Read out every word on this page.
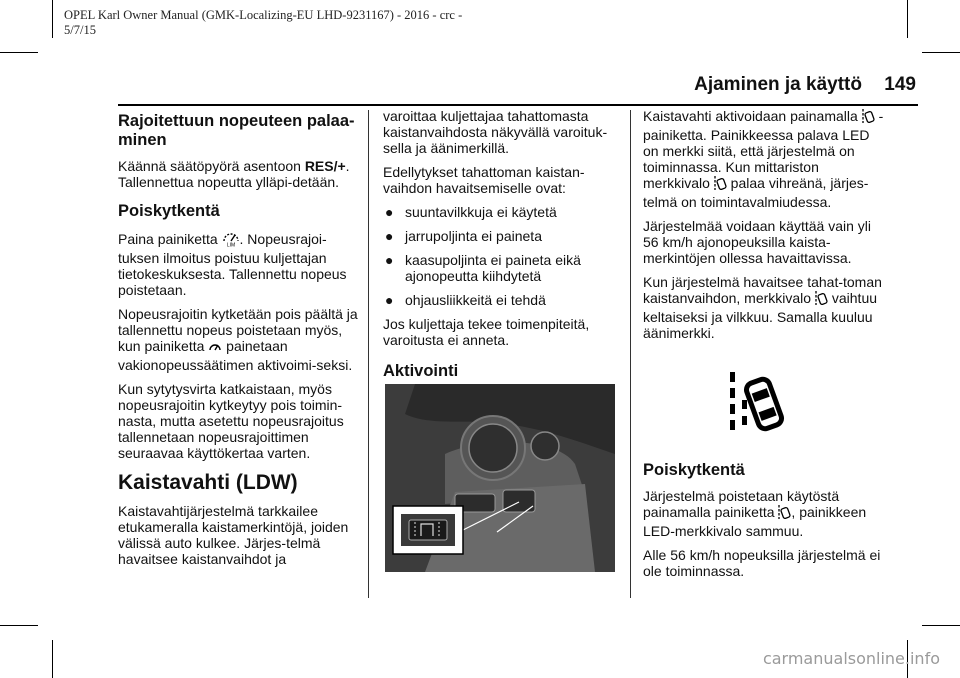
OPEL Karl Owner Manual (GMK-Localizing-EU LHD-9231167) - 2016 - crc -
5/7/15
Ajaminen ja käyttö 149
Rajoitettuun nopeuteen palaa-minen

Käännä säätöpyörä asentoon RES/+. Tallennettua nopeutta ylläpi-detään.

Poiskytkentä

Paina painiketta LIM . Nopeusrajoi-tuksen ilmoitus poistuu kuljettajan tietokeskuksesta. Tallennettu nopeus poistetaan.

Nopeusrajoitin kytketään pois päältä ja tallennettu nopeus poistetaan myös, kun painiketta  painetaan vakionopeussäätimen aktivoimi-seksi.

Kun sytytysvirta katkaistaan, myös nopeusrajoitin kytkeytyy pois toimin-nasta, mutta asetettu nopeusrajoitus tallennetaan nopeusrajoittimen seuraavaa käyttökertaa varten.

Kaistavahti (LDW)

Kaistavahtijärjestelmä tarkkailee etukameralla kaistamerkintöjä, joiden välissä auto kulkee. Järjes-telmä havaitsee kaistanvaihdot ja

varoittaa kuljettajaa tahattomasta kaistanvaihdosta näkyvällä varoituk-sella ja äänimerkillä.

Edellytykset tahattoman kaistan-vaihdon havaitsemiselle ovat:

● suuntavilkkuja ei käytetä
● jarrupoljinta ei paineta
● kaasupoljinta ei paineta eikä ajonopeutta kiihdytetä
● ohjausliikkeitä ei tehdä

Jos kuljettaja tekee toimenpiteitä, varoitusta ei anneta.

Aktivointi

Kaistavahti aktivoidaan painamalla  -painiketta. Painikkeessa palava LED on merkki siitä, että järjestelmä on toiminnassa. Kun mittariston merkkivalo  palaa vihreänä, järjes-telmä on toimintavalmiudessa.

Järjestelmää voidaan käyttää vain yli 56 km/h ajonopeuksilla kaista-merkintöjen ollessa havaittavissa.

Kun järjestelmä havaitsee tahat-toman kaistanvaihdon, merkkivalo  vaihtuu keltaiseksi ja vilkkuu. Samalla kuuluu äänimerkki.

Poiskytkentä

Järjestelmä poistetaan käytöstä painamalla painiketta , painikkeen LED-merkkivalo sammuu.

Alle 56 km/h nopeuksilla järjestelmä ei ole toiminnassa.

carmanualsonline.info
